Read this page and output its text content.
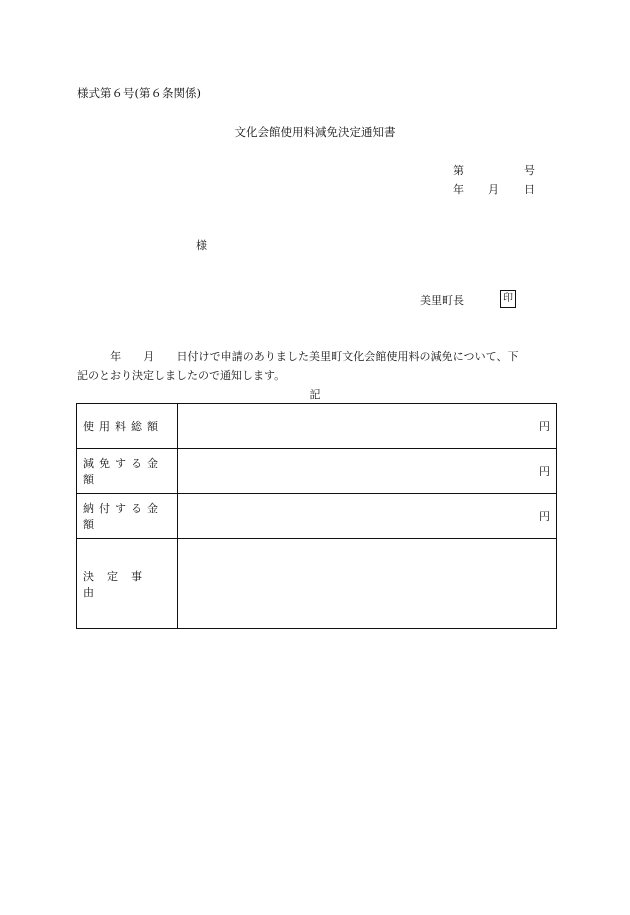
様式第６号(第６条関係)
文化会館使用料減免決定通知書
第	号
年 月 日
様
美里町長	印
　　　年　　月　　日付けで申請のありました美里町文化会館使用料の減免について、下
記のとおり決定しましたので通知します。
記
使用料総額	円
減免する金額	円
納付する金額	円
決定事由	
